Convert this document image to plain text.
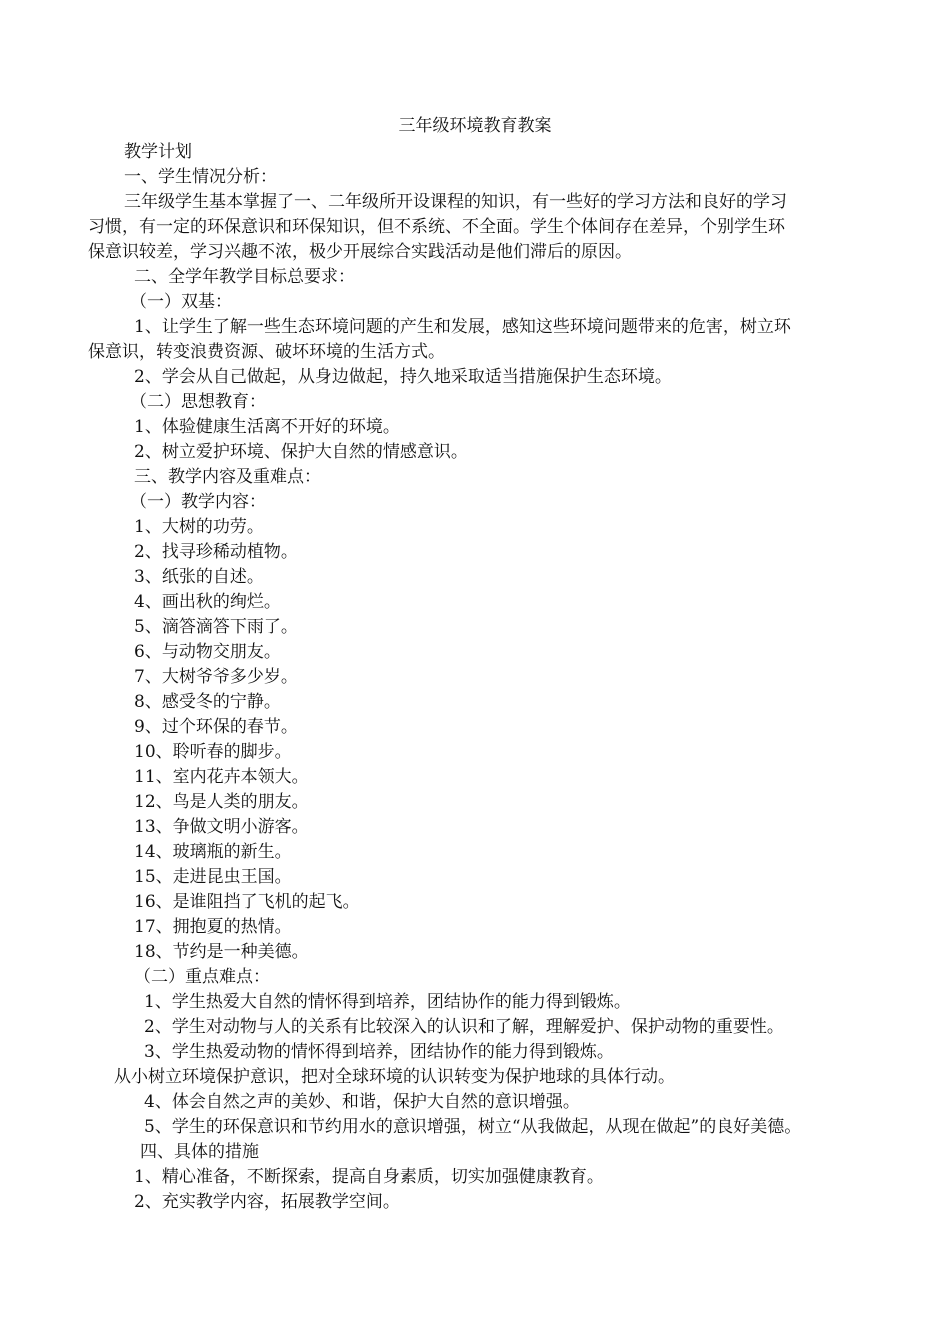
三年级环境教育教案
教学计划
一、学生情况分析：
三年级学生基本掌握了一、二年级所开设课程的知识，有一些好的学习方法和良好的学习
习惯，有一定的环保意识和环保知识，但不系统、不全面。学生个体间存在差异，个别学生环
保意识较差，学习兴趣不浓，极少开展综合实践活动是他们滞后的原因。
二、全学年教学目标总要求：
（一）双基：
1、让学生了解一些生态环境问题的产生和发展，感知这些环境问题带来的危害，树立环
保意识，转变浪费资源、破坏环境的生活方式。
2、学会从自己做起，从身边做起，持久地采取适当措施保护生态环境。
（二）思想教育：
1、体验健康生活离不开好的环境。
2、树立爱护环境、保护大自然的情感意识。
三、教学内容及重难点：
（一）教学内容：
1、大树的功劳。
2、找寻珍稀动植物。
3、纸张的自述。
4、画出秋的绚烂。
5、滴答滴答下雨了。
6、与动物交朋友。
7、大树爷爷多少岁。
8、感受冬的宁静。
9、过个环保的春节。
10、聆听春的脚步。
11、室内花卉本领大。
12、鸟是人类的朋友。
13、争做文明小游客。
14、玻璃瓶的新生。
15、走进昆虫王国。
16、是谁阻挡了飞机的起飞。
17、拥抱夏的热情。
18、节约是一种美德。
（二）重点难点：
1、学生热爱大自然的情怀得到培养，团结协作的能力得到锻炼。
2、学生对动物与人的关系有比较深入的认识和了解，理解爱护、保护动物的重要性。
3、学生热爱动物的情怀得到培养，团结协作的能力得到锻炼。
从小树立环境保护意识，把对全球环境的认识转变为保护地球的具体行动。
4、体会自然之声的美妙、和谐，保护大自然的意识增强。
5、学生的环保意识和节约用水的意识增强，树立“从我做起，从现在做起”的良好美德。
四、具体的措施
1、精心准备，不断探索，提高自身素质，切实加强健康教育。
2、充实教学内容，拓展教学空间。
